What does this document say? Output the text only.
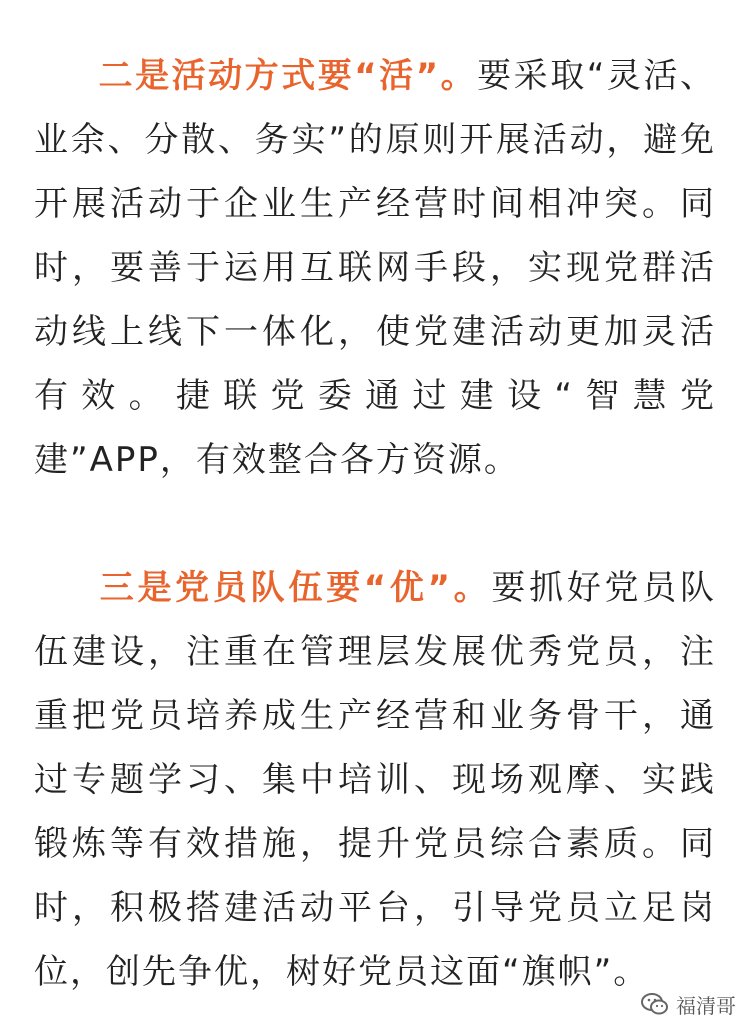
二是活动方式要“活”。要采取“灵活、业余、分散、务实”的原则开展活动，避免开展活动于企业生产经营时间相冲突。同时，要善于运用互联网手段，实现党群活动线上线下一体化，使党建活动更加灵活有效。捷联党委通过建设“智慧党建”APP，有效整合各方资源。

三是党员队伍要“优”。要抓好党员队伍建设，注重在管理层发展优秀党员，注重把党员培养成生产经营和业务骨干，通过专题学习、集中培训、现场观摩、实践锻炼等有效措施，提升党员综合素质。同时，积极搭建活动平台，引导党员立足岗位，创先争优，树好党员这面“旗帜”。

福清哥
